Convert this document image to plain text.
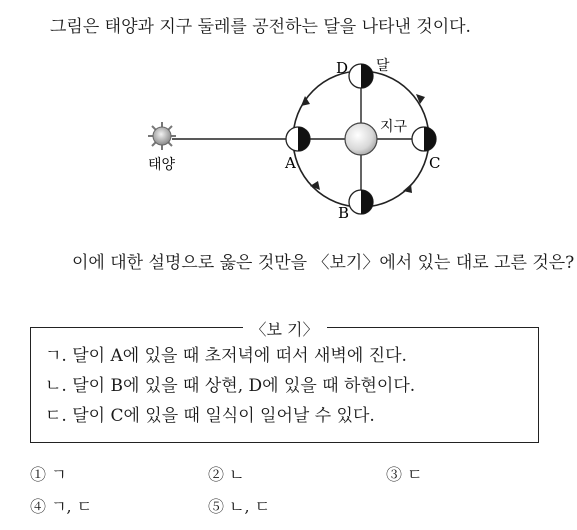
그림은 태양과 지구 둘레를 공전하는 달을 나타낸 것이다.
태양
지구
A
B
C
D 달
이에 대한 설명으로 옳은 것만을 〈보기〉에서 있는 대로 고른 것은?
〈보 기〉
ㄱ. 달이 A에 있을 때 초저녁에 떠서 새벽에 진다.
ㄴ. 달이 B에 있을 때 상현, D에 있을 때 하현이다.
ㄷ. 달이 C에 있을 때 일식이 일어날 수 있다.
① ㄱ	② ㄴ	③ ㄷ
④ ㄱ, ㄷ	⑤ ㄴ, ㄷ
